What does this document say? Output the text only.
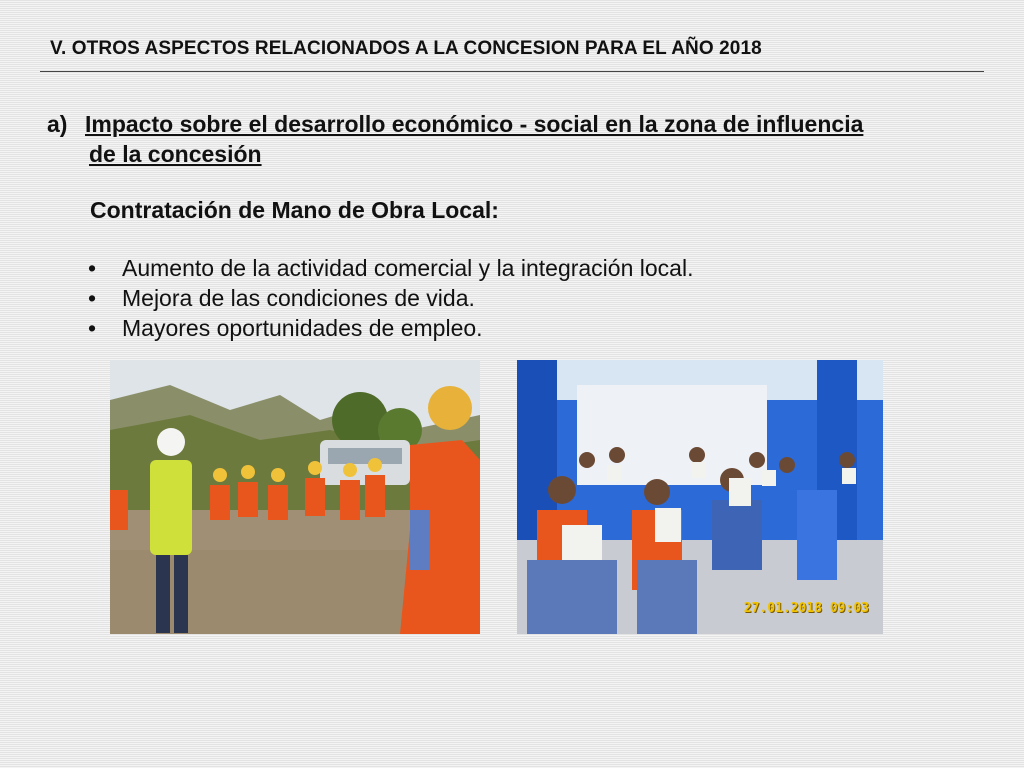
V. OTROS ASPECTOS RELACIONADOS A LA CONCESION PARA EL AÑO 2018
a) Impacto sobre el desarrollo económico - social en la zona de influencia
de la concesión
Contratación de Mano de Obra Local:
•	Aumento de la actividad comercial y la integración local.
•	Mejora de las condiciones de vida.
•	Mayores oportunidades de empleo.
27.01.2018 09:03
